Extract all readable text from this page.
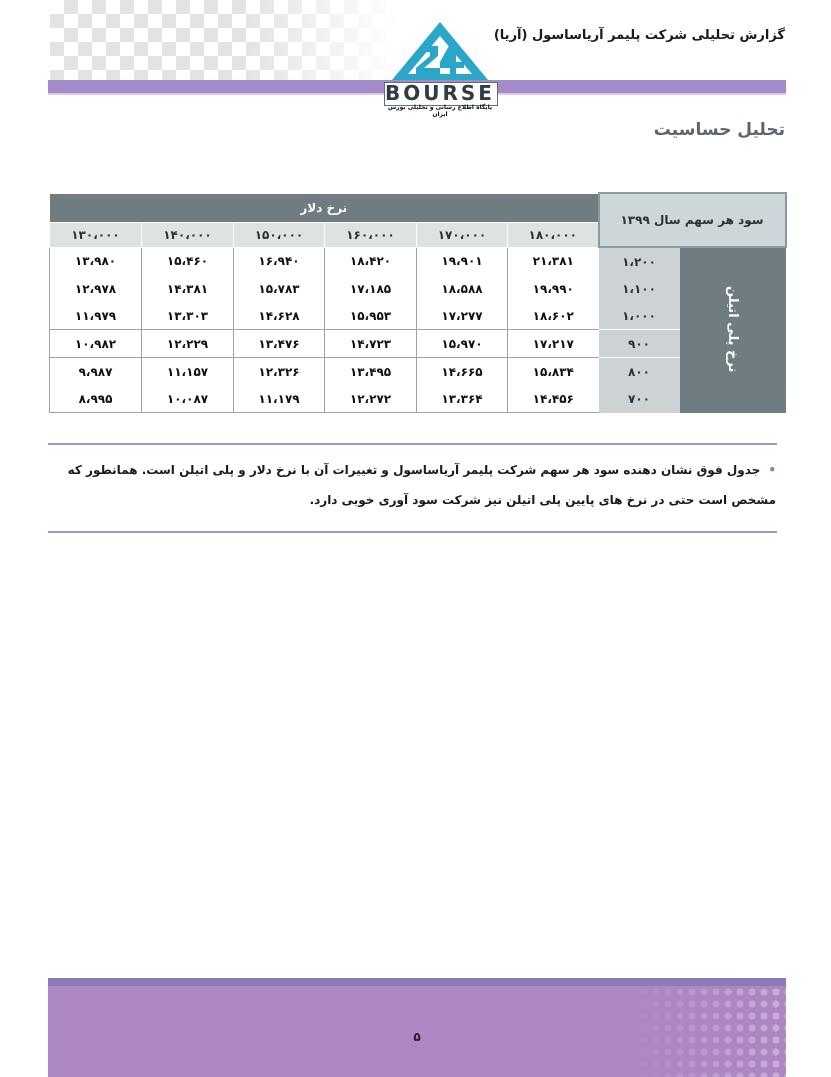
گزارش تحلیلی شرکت پلیمر آریاساسول (آریا)
BOURSE
پایگاه اطلاع رسانی و تحلیلی بورس ایران
تحلیل حساسیت
نرخ دلار						سود هر سهم سال ۱۳۹۹	
۱۳۰،۰۰۰	۱۴۰،۰۰۰	۱۵۰،۰۰۰	۱۶۰،۰۰۰	۱۷۰،۰۰۰	۱۸۰،۰۰۰		
۱۳،۹۸۰	۱۵،۴۶۰	۱۶،۹۴۰	۱۸،۴۲۰	۱۹،۹۰۱	۲۱،۳۸۱	۱،۲۰۰	نرخ پلی اتیلن
۱۲،۹۷۸	۱۴،۳۸۱	۱۵،۷۸۳	۱۷،۱۸۵	۱۸،۵۸۸	۱۹،۹۹۰	۱،۱۰۰	
۱۱،۹۷۹	۱۳،۳۰۳	۱۴،۶۲۸	۱۵،۹۵۳	۱۷،۲۷۷	۱۸،۶۰۲	۱،۰۰۰	
۱۰،۹۸۲	۱۲،۲۲۹	۱۳،۴۷۶	۱۴،۷۲۳	۱۵،۹۷۰	۱۷،۲۱۷	۹۰۰	
۹،۹۸۷	۱۱،۱۵۷	۱۲،۳۲۶	۱۳،۴۹۵	۱۴،۶۶۵	۱۵،۸۳۴	۸۰۰	
۸،۹۹۵	۱۰،۰۸۷	۱۱،۱۷۹	۱۲،۲۷۲	۱۳،۳۶۴	۱۴،۴۵۶	۷۰۰	
•جدول فوق نشان دهنده سود هر سهم شرکت پلیمر آریاساسول و تغییرات آن با نرخ دلار و پلی اتیلن است. همانطور که مشخص است حتی در نرخ های پایین پلی اتیلن نیز شرکت سود آوری خوبی دارد.
۵
